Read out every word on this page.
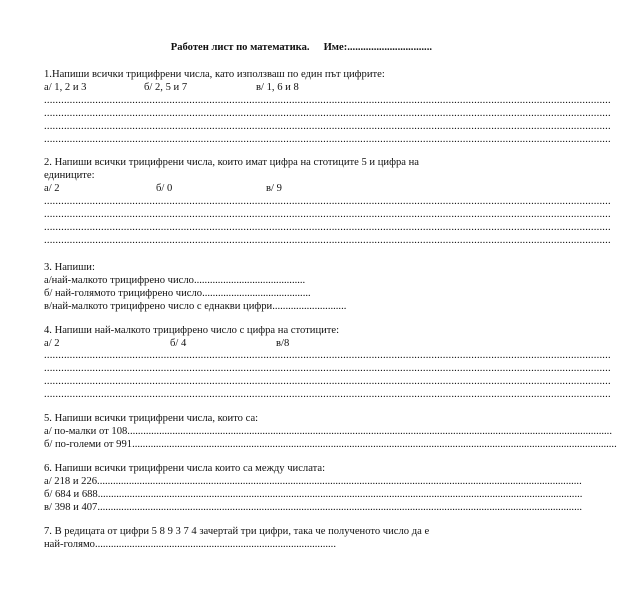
Работен лист по математика. Име:................................
1.Напиши всички трицифрени числа, като използваш по един път цифрите:
а/ 1, 2 и 3	б/ 2, 5 и 7	в/ 1, 6 и 8
.......................................................................................................................................................................................................
.......................................................................................................................................................................................................
.......................................................................................................................................................................................................
.......................................................................................................................................................................................................
2. Напиши всички трицифрени числа, които имат цифра на стотиците 5 и цифра на единиците:
а/ 2	б/ 0	в/ 9
.......................................................................................................................................................................................................
.......................................................................................................................................................................................................
.......................................................................................................................................................................................................
.......................................................................................................................................................................................................
3. Напиши:
а/най-малкото трицифрено число..........................................
б/ най-голямото трицифрено число.........................................
в/най-малкото трицифрено число с еднакви цифри............................
4. Напиши най-малкото трицифрено число с цифра на стотиците:
а/ 2	б/ 4	в/8
.......................................................................................................................................................................................................
.......................................................................................................................................................................................................
.......................................................................................................................................................................................................
.......................................................................................................................................................................................................
5. Напиши всички трицифрени числа, които са:
а/ по-малки от 108 .......................................................................................................................................................................................
б/ по-големи от 991 .......................................................................................................................................................................................
6. Напиши всички трицифрени числа които са между числата:
а/ 218 и 226 .......................................................................................................................................................................................
б/ 684 и 688 .......................................................................................................................................................................................
в/ 398 и 407 .......................................................................................................................................................................................
7. В редицата от цифри 5 8 9 3 7 4 зачертай три цифри, така че полученото число да е най-голямо...........................................................................................
